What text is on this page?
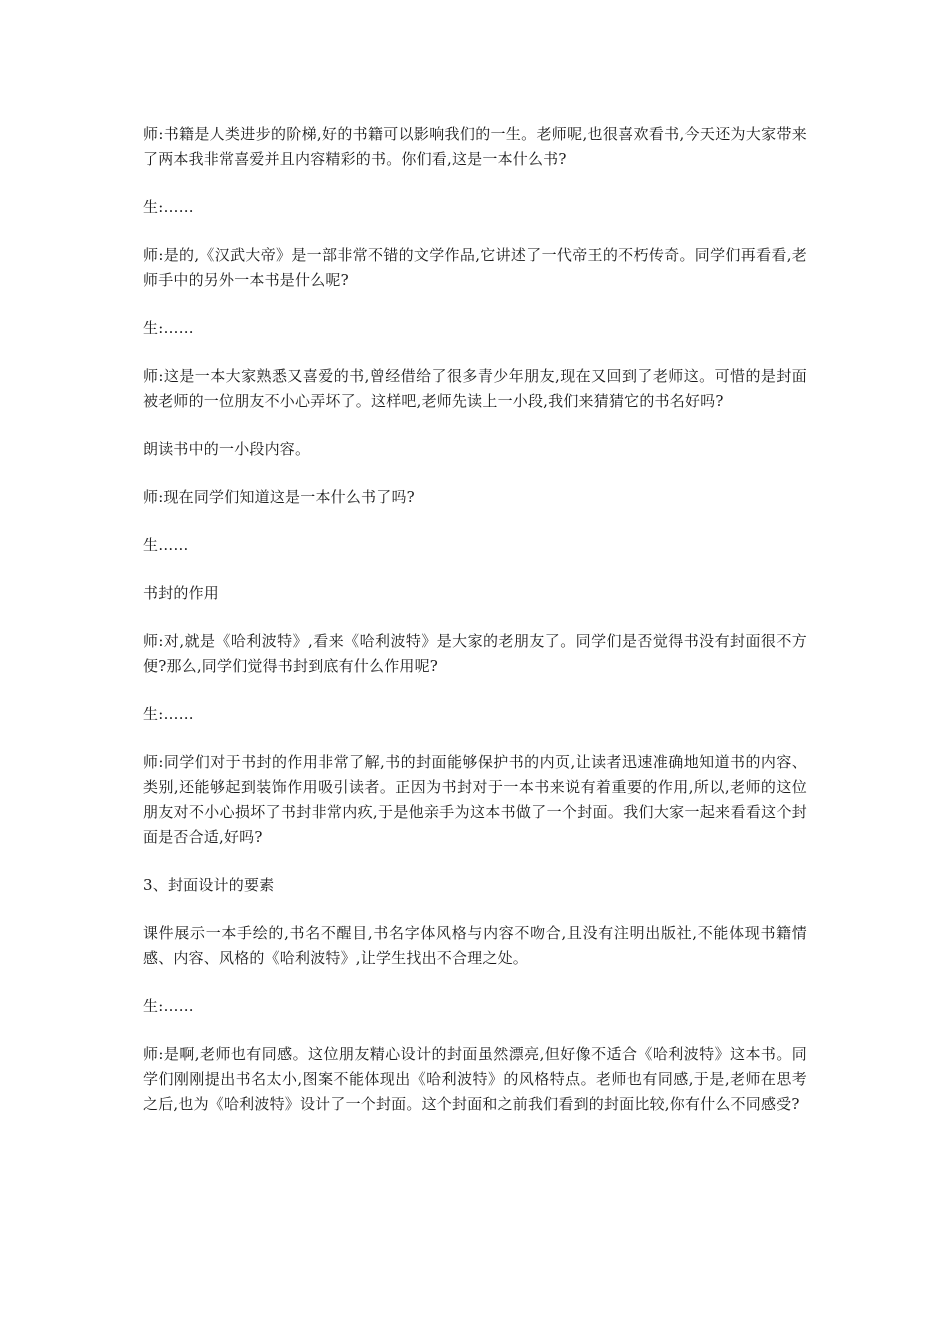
师:书籍是人类进步的阶梯,好的书籍可以影响我们的一生。老师呢,也很喜欢看书,今天还为大家带来了两本我非常喜爱并且内容精彩的书。你们看,这是一本什么书?

生:……

师:是的,《汉武大帝》是一部非常不错的文学作品,它讲述了一代帝王的不朽传奇。同学们再看看,老师手中的另外一本书是什么呢?

生:……

师:这是一本大家熟悉又喜爱的书,曾经借给了很多青少年朋友,现在又回到了老师这。可惜的是封面被老师的一位朋友不小心弄坏了。这样吧,老师先读上一小段,我们来猜猜它的书名好吗?

朗读书中的一小段内容。

师:现在同学们知道这是一本什么书了吗?

生……

书封的作用

师:对,就是《哈利波特》,看来《哈利波特》是大家的老朋友了。同学们是否觉得书没有封面很不方便?那么,同学们觉得书封到底有什么作用呢?

生:……

师:同学们对于书封的作用非常了解,书的封面能够保护书的内页,让读者迅速准确地知道书的内容、类别,还能够起到装饰作用吸引读者。正因为书封对于一本书来说有着重要的作用,所以,老师的这位朋友对不小心损坏了书封非常内疚,于是他亲手为这本书做了一个封面。我们大家一起来看看这个封面是否合适,好吗?

3、封面设计的要素

课件展示一本手绘的,书名不醒目,书名字体风格与内容不吻合,且没有注明出版社,不能体现书籍情感、内容、风格的《哈利波特》,让学生找出不合理之处。

生:……

师:是啊,老师也有同感。这位朋友精心设计的封面虽然漂亮,但好像不适合《哈利波特》这本书。同学们刚刚提出书名太小,图案不能体现出《哈利波特》的风格特点。老师也有同感,于是,老师在思考之后,也为《哈利波特》设计了一个封面。这个封面和之前我们看到的封面比较,你有什么不同感受?
